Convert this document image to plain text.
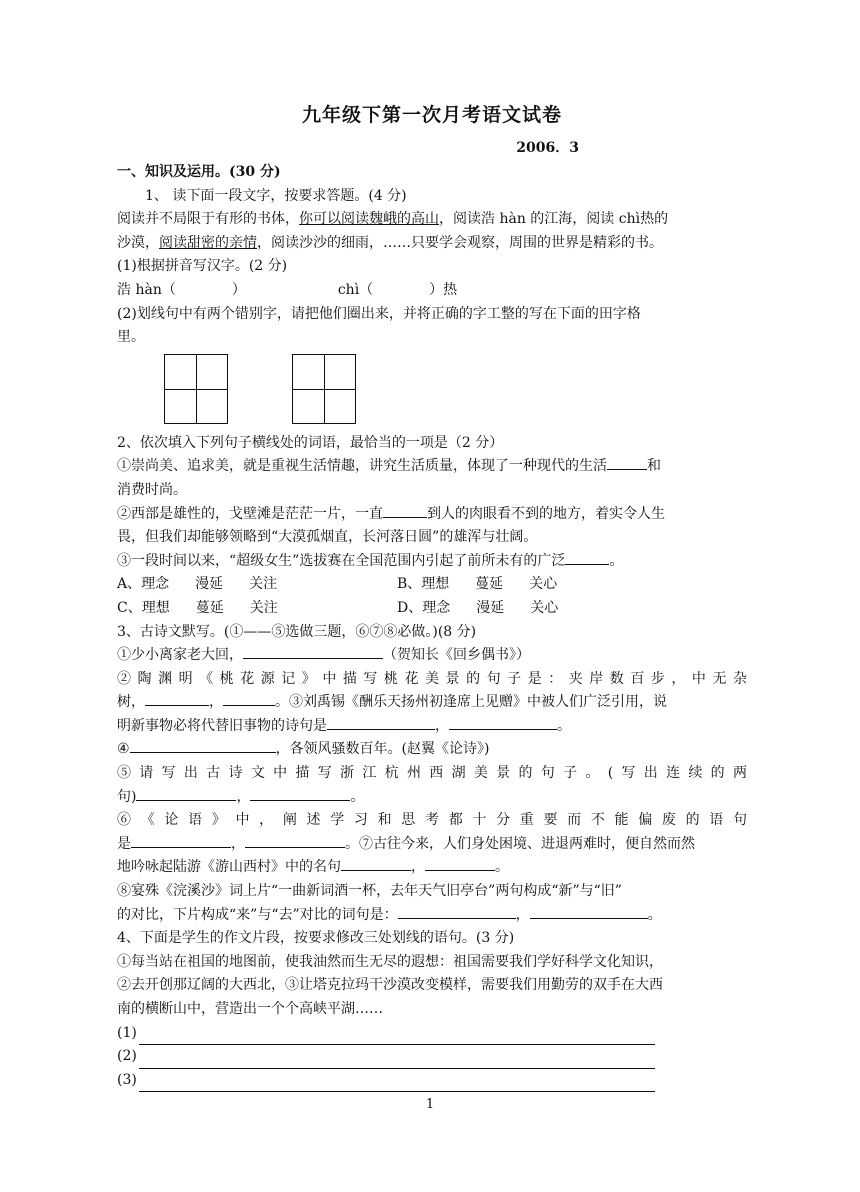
九年级下第一次月考语文试卷
2006．3

一、知识及运用。(30 分)

1、 读下面一段文字，按要求答题。(4 分)

阅读并不局限于有形的书体，你可以阅读魏峨的高山，阅读浩 hàn 的江海，阅读 chì热的

沙漠，阅读甜密的亲情，阅读沙沙的细雨，……只要学会观察，周围的世界是精彩的书。

(1)根据拼音写汉字。(2 分)

浩 hàn（　　　　）	chì（　　　　）热

(2)划线句中有两个错别字，请把他们圈出来，并将正确的字工整的写在下面的田字格

里。

2、依次填入下列句子横线处的词语，最恰当的一项是（2 分）

①崇尚美、追求美，就是重视生活情趣，讲究生活质量，体现了一种现代的生活	和

消费时尚。

②西部是雄性的，戈壁滩是茫茫一片，一直	到人的肉眼看不到的地方，着实令人生

畏，但我们却能够领略到“大漠孤烟直，长河落日圆”的雄浑与壮阔。

③一段时间以来，“超级女生”选拔赛在全国范围内引起了前所未有的广泛	。

A、理念 漫延 关注	B、理想 蔓延 关心
C、理想 蔓延 关注	D、理念 漫延 关心

3、古诗文默写。(①——⑤选做三题，⑥⑦⑧必做。)(8 分)

①少小离家老大回，	（贺知长《回乡偶书》）

②陶渊明《桃花源记》中描写桃花美景的句子是：夹岸数百步，中无杂

树，	，	。③刘禹锡《酬乐天扬州初逢席上见赠》中被人们广泛引用，说

明新事物必将代替旧事物的诗句是	，	。

④	，各领风骚数百年。(赵翼《论诗》)

⑤请写出古诗文中描写浙江杭州西湖美景的句子。(写出连续的两

句)	，	。

⑥《论语》中，阐述学习和思考都十分重要而不能偏废的语句

是	，	。⑦古往今来，人们身处困境、进退两难时，便自然而然

地吟咏起陆游《游山西村》中的名句	，	。

⑧宴殊《浣溪沙》词上片“一曲新词酒一杯，去年天气旧亭台”两句构成“新”与“旧”

的对比，下片构成“来”与“去”对比的词句是：	，	。

4、下面是学生的作文片段，按要求修改三处划线的语句。(3 分)

①每当站在祖国的地图前，使我油然而生无尽的遐想：祖国需要我们学好科学文化知识，

②去开创那辽阔的大西北，③让塔克拉玛干沙漠改变模样，需要我们用勤劳的双手在大西

南的横断山中，营造出一个个高峡平湖……

(1)
(2)
(3)
1
